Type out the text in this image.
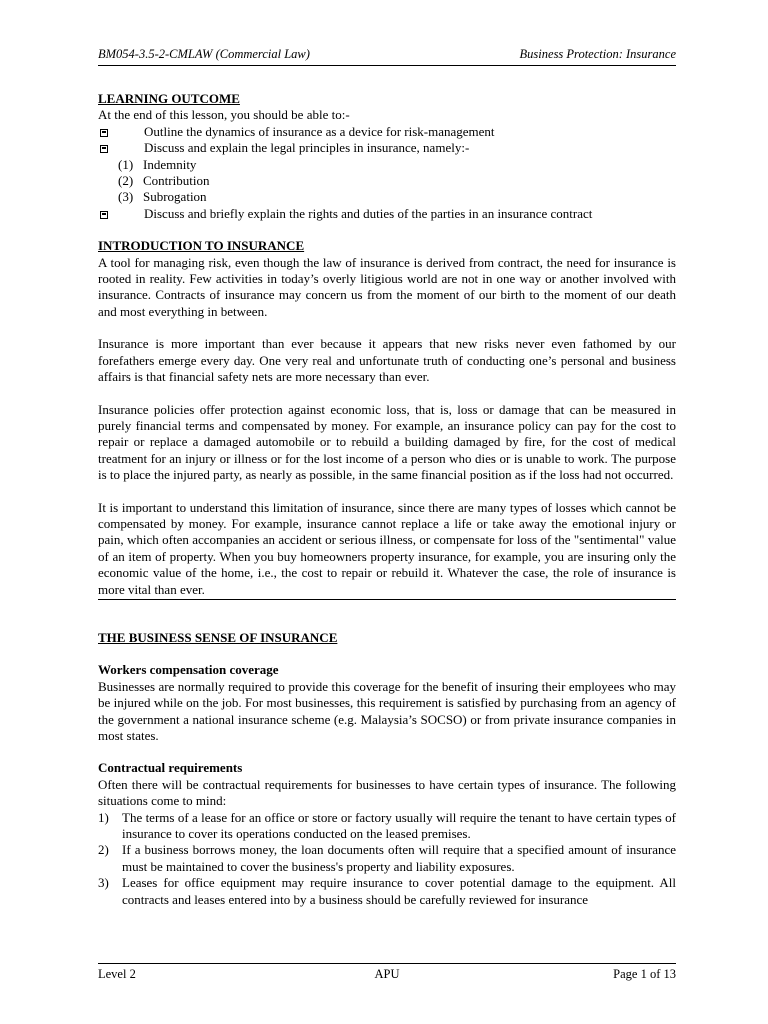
BM054-3.5-2-CMLAW (Commercial Law)	Business Protection: Insurance
LEARNING OUTCOME
At the end of this lesson, you should be able to:-
Outline the dynamics of insurance as a device for risk-management
Discuss and explain the legal principles in insurance, namely:-
(1) Indemnity
(2) Contribution
(3) Subrogation
Discuss and briefly explain the rights and duties of the parties in an insurance contract
INTRODUCTION TO INSURANCE

A tool for managing risk, even though the law of insurance is derived from contract, the need for insurance is rooted in reality. Few activities in today’s overly litigious world are not in one way or another involved with insurance. Contracts of insurance may concern us from the moment of our birth to the moment of our death and most everything in between.

Insurance is more important than ever because it appears that new risks never even fathomed by our forefathers emerge every day. One very real and unfortunate truth of conducting one’s personal and business affairs is that financial safety nets are more necessary than ever.

Insurance policies offer protection against economic loss, that is, loss or damage that can be measured in purely financial terms and compensated by money. For example, an insurance policy can pay for the cost to repair or replace a damaged automobile or to rebuild a building damaged by fire, for the cost of medical treatment for an injury or illness or for the lost income of a person who dies or is unable to work. The purpose is to place the injured party, as nearly as possible, in the same financial position as if the loss had not occurred.

It is important to understand this limitation of insurance, since there are many types of losses which cannot be compensated by money. For example, insurance cannot replace a life or take away the emotional injury or pain, which often accompanies an accident or serious illness, or compensate for loss of the "sentimental" value of an item of property. When you buy homeowners property insurance, for example, you are insuring only the economic value of the home, i.e., the cost to repair or rebuild it. Whatever the case, the role of insurance is more vital than ever.

THE BUSINESS SENSE OF INSURANCE
Workers compensation coverage

Businesses are normally required to provide this coverage for the benefit of insuring their employees who may be injured while on the job. For most businesses, this requirement is satisfied by purchasing from an agency of the government a national insurance scheme (e.g. Malaysia’s SOCSO) or from private insurance companies in most states.

Contractual requirements

Often there will be contractual requirements for businesses to have certain types of insurance. The following situations come to mind:

1)	The terms of a lease for an office or store or factory usually will require the tenant to have certain types of insurance to cover its operations conducted on the leased premises.
2)	If a business borrows money, the loan documents often will require that a specified amount of insurance must be maintained to cover the business's property and liability exposures.
3)	Leases for office equipment may require insurance to cover potential damage to the equipment. All contracts and leases entered into by a business should be carefully reviewed for insurance
Level 2	APU	Page 1 of 13
